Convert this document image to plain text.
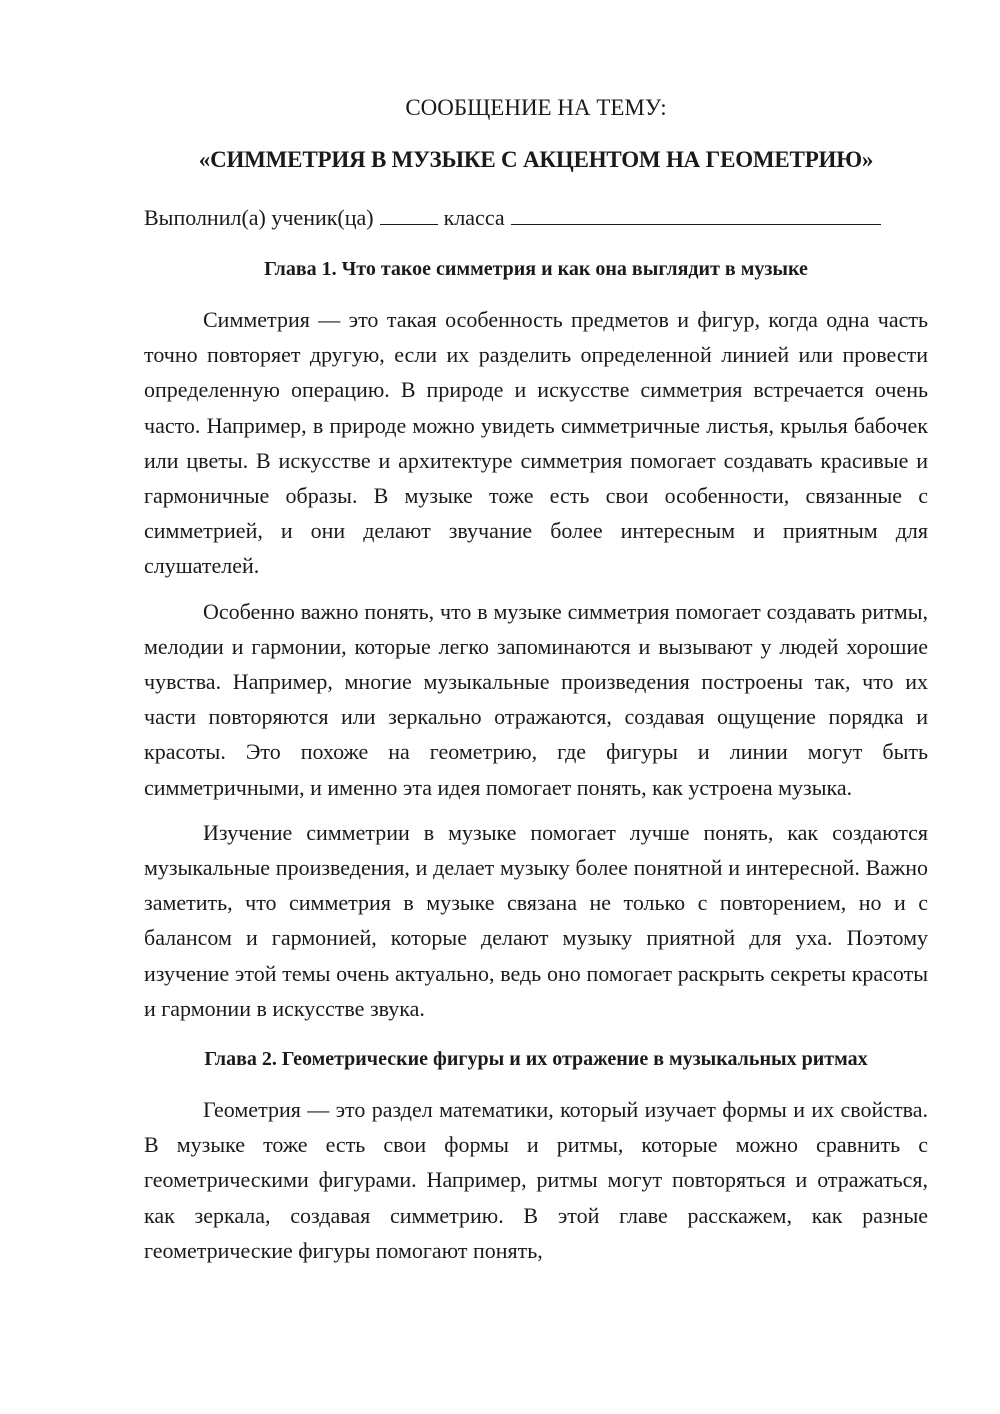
СООБЩЕНИЕ НА ТЕМУ:

«СИММЕТРИЯ В МУЗЫКЕ С АКЦЕНТОМ НА ГЕОМЕТРИЮ»

Выполнил(а) ученик(ца)	класса
Глава 1. Что такое симметрия и как она выглядит в музыке

Симметрия — это такая особенность предметов и фигур, когда одна часть точно повторяет другую, если их разделить определенной линией или провести определенную операцию. В природе и искусстве симметрия встречается очень часто. Например, в природе можно увидеть симметричные листья, крылья бабочек или цветы. В искусстве и архитектуре симметрия помогает создавать красивые и гармоничные образы. В музыке тоже есть свои особенности, связанные с симметрией, и они делают звучание более интересным и приятным для слушателей.

Особенно важно понять, что в музыке симметрия помогает создавать ритмы, мелодии и гармонии, которые легко запоминаются и вызывают у людей хорошие чувства. Например, многие музыкальные произведения построены так, что их части повторяются или зеркально отражаются, создавая ощущение порядка и красоты. Это похоже на геометрию, где фигуры и линии могут быть симметричными, и именно эта идея помогает понять, как устроена музыка.

Изучение симметрии в музыке помогает лучше понять, как создаются музыкальные произведения, и делает музыку более понятной и интересной. Важно заметить, что симметрия в музыке связана не только с повторением, но и с балансом и гармонией, которые делают музыку приятной для уха. Поэтому изучение этой темы очень актуально, ведь оно помогает раскрыть секреты красоты и гармонии в искусстве звука.

Глава 2. Геометрические фигуры и их отражение в музыкальных ритмах

Геометрия — это раздел математики, который изучает формы и их свойства. В музыке тоже есть свои формы и ритмы, которые можно сравнить с геометрическими фигурами. Например, ритмы могут повторяться и отражаться, как зеркала, создавая симметрию. В этой главе расскажем, как разные геометрические фигуры помогают понять,
